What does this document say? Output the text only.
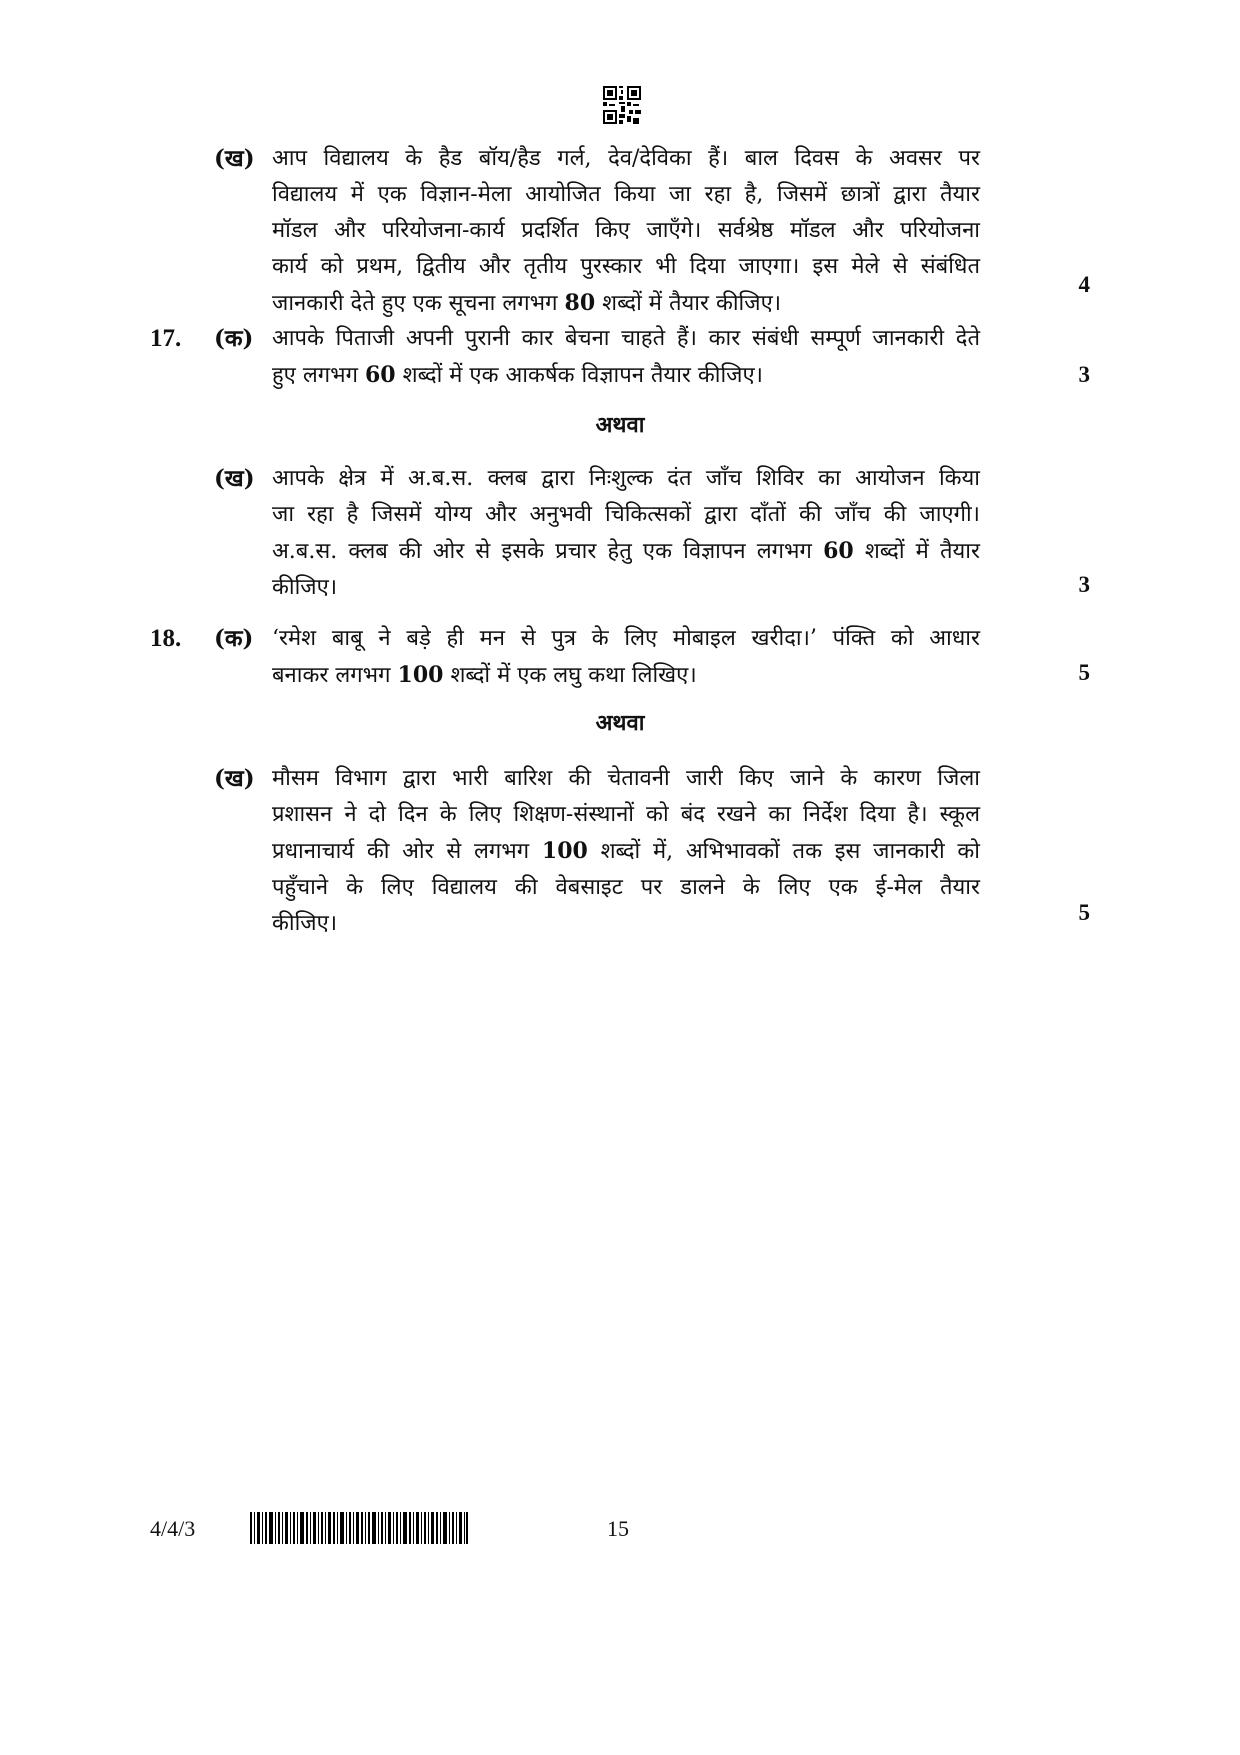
(ख) आप विद्यालय के हैड बॉय/हैड गर्ल, देव/देविका हैं। बाल दिवस के अवसर पर
विद्यालय में एक विज्ञान-मेला आयोजित किया जा रहा है, जिसमें छात्रों द्वारा तैयार
मॉडल और परियोजना-कार्य प्रदर्शित किए जाएँगे। सर्वश्रेष्ठ मॉडल और परियोजना
कार्य को प्रथम, द्वितीय और तृतीय पुरस्कार भी दिया जाएगा। इस मेले से संबंधित
जानकारी देते हुए एक सूचना लगभग 80 शब्दों में तैयार कीजिए।
4
17. (क) आपके पिताजी अपनी पुरानी कार बेचना चाहते हैं। कार संबंधी सम्पूर्ण जानकारी देते
हुए लगभग 60 शब्दों में एक आकर्षक विज्ञापन तैयार कीजिए।	3
अथवा
(ख) आपके क्षेत्र में अ.ब.स. क्लब द्वारा निःशुल्क दंत जाँच शिविर का आयोजन किया
जा रहा है जिसमें योग्य और अनुभवी चिकित्सकों द्वारा दाँतों की जाँच की जाएगी।
अ.ब.स. क्लब की ओर से इसके प्रचार हेतु एक विज्ञापन लगभग 60 शब्दों में तैयार
कीजिए।	3
18. (क) ‘रमेश बाबू ने बड़े ही मन से पुत्र के लिए मोबाइल खरीदा।’ पंक्ति को आधार
बनाकर लगभग 100 शब्दों में एक लघु कथा लिखिए।	5
अथवा
(ख) मौसम विभाग द्वारा भारी बारिश की चेतावनी जारी किए जाने के कारण जिला
प्रशासन ने दो दिन के लिए शिक्षण-संस्थानों को बंद रखने का निर्देश दिया है। स्कूल
प्रधानाचार्य की ओर से लगभग 100 शब्दों में, अभिभावकों तक इस जानकारी को
पहुँचाने के लिए विद्यालय की वेबसाइट पर डालने के लिए एक ई-मेल तैयार
कीजिए।	5
4/4/3	15
